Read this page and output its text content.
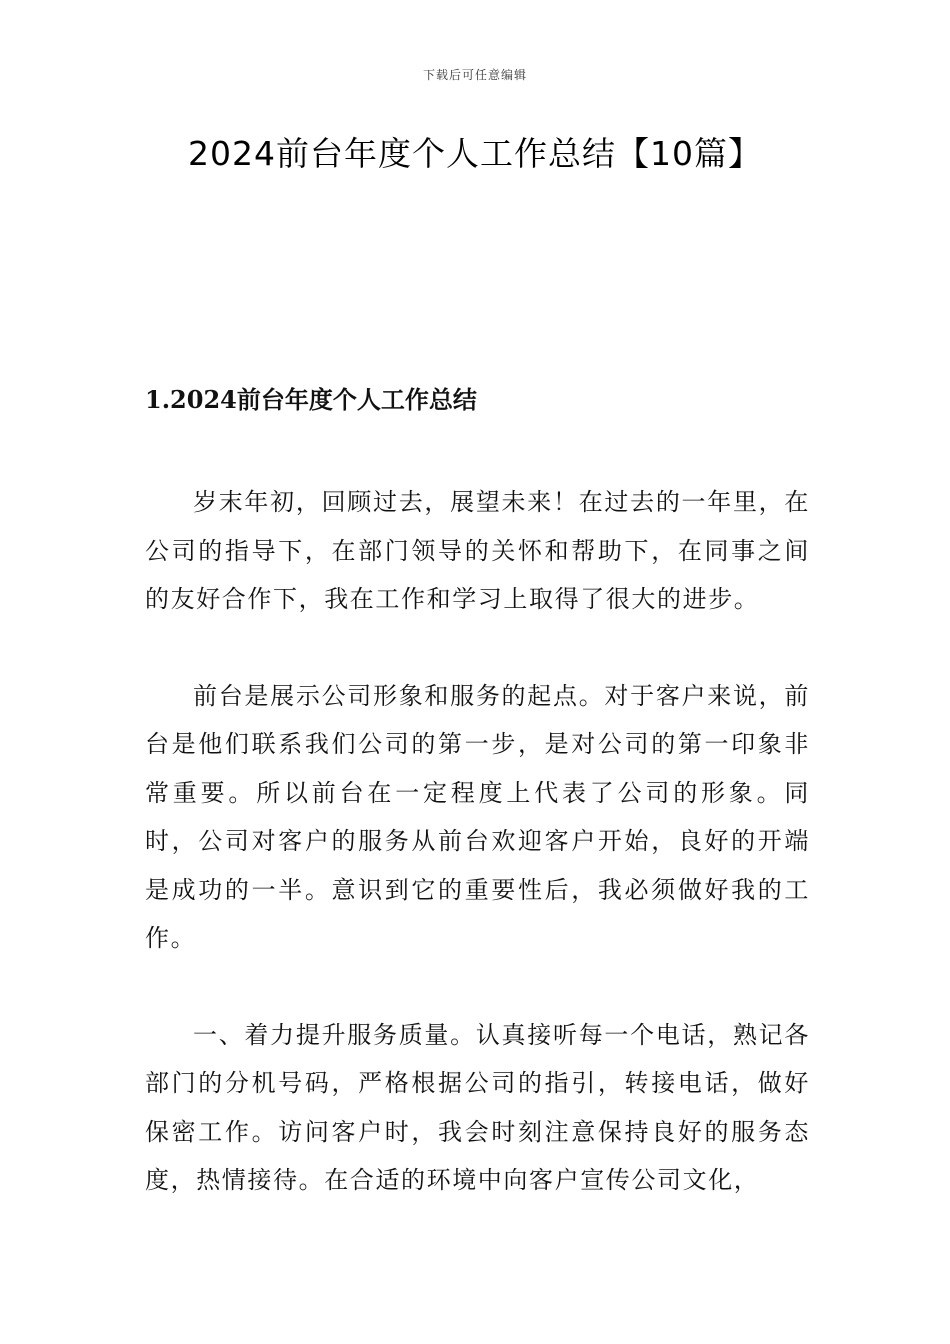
下载后可任意编辑
2024前台年度个人工作总结【10篇】
1.2024前台年度个人工作总结

岁末年初，回顾过去，展望未来！在过去的一年里，在公司的指导下，在部门领导的关怀和帮助下，在同事之间的友好合作下，我在工作和学习上取得了很大的进步。

前台是展示公司形象和服务的起点。对于客户来说，前台是他们联系我们公司的第一步，是对公司的第一印象非常重要。所以前台在一定程度上代表了公司的形象。同时，公司对客户的服务从前台欢迎客户开始，良好的开端是成功的一半。意识到它的重要性后，我必须做好我的工作。

一、着力提升服务质量。认真接听每一个电话，熟记各部门的分机号码，严格根据公司的指引，转接电话，做好保密工作。访问客户时，我会时刻注意保持良好的服务态度，热情接待。在合适的环境中向客户宣传公司文化，
